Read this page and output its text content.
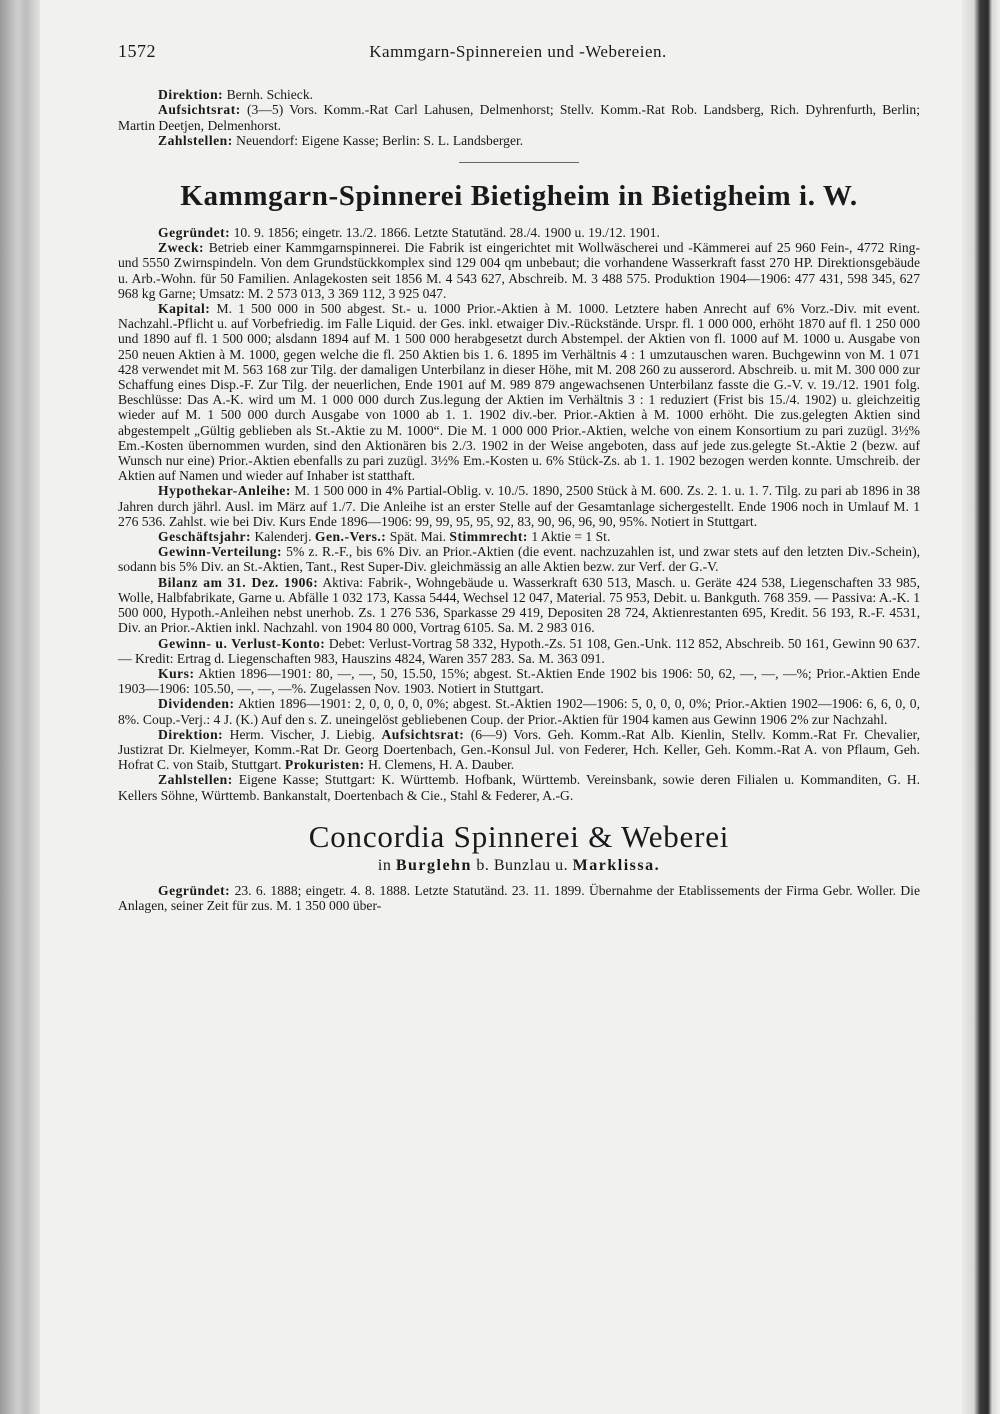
1572	Kammgarn-Spinnereien und -Webereien.

Direktion: Bernh. Schieck.

Aufsichtsrat: (3—5) Vors. Komm.-Rat Carl Lahusen, Delmenhorst; Stellv. Komm.-Rat Rob. Landsberg, Rich. Dyhrenfurth, Berlin; Martin Deetjen, Delmenhorst.

Zahlstellen: Neuendorf: Eigene Kasse; Berlin: S. L. Landsberger.

Kammgarn-Spinnerei Bietigheim in Bietigheim i. W.

Gegründet: 10. 9. 1856; eingetr. 13./2. 1866. Letzte Statutänd. 28./4. 1900 u. 19./12. 1901.

Zweck: Betrieb einer Kammgarnspinnerei. Die Fabrik ist eingerichtet mit Wollwäscherei und -Kämmerei auf 25 960 Fein-, 4772 Ring- und 5550 Zwirnspindeln. Von dem Grundstückkomplex sind 129 004 qm unbebaut; die vorhandene Wasserkraft fasst 270 HP. Direktionsgebäude u. Arb.-Wohn. für 50 Familien. Anlagekosten seit 1856 M. 4 543 627, Abschreib. M. 3 488 575. Produktion 1904—1906: 477 431, 598 345, 627 968 kg Garne; Umsatz: M. 2 573 013, 3 369 112, 3 925 047.

Kapital: M. 1 500 000 in 500 abgest. St.- u. 1000 Prior.-Aktien à M. 1000. Letztere haben Anrecht auf 6% Vorz.-Div. mit event. Nachzahl.-Pflicht u. auf Vorbefriedig. im Falle Liquid. der Ges. inkl. etwaiger Div.-Rückstände. Urspr. fl. 1 000 000, erhöht 1870 auf fl. 1 250 000 und 1890 auf fl. 1 500 000; alsdann 1894 auf M. 1 500 000 herabgesetzt durch Abstempel. der Aktien von fl. 1000 auf M. 1000 u. Ausgabe von 250 neuen Aktien à M. 1000, gegen welche die fl. 250 Aktien bis 1. 6. 1895 im Verhältnis 4 : 1 umzutauschen waren. Buchgewinn von M. 1 071 428 verwendet mit M. 563 168 zur Tilg. der damaligen Unterbilanz in dieser Höhe, mit M. 208 260 zu ausserord. Abschreib. u. mit M. 300 000 zur Schaffung eines Disp.-F. Zur Tilg. der neuerlichen, Ende 1901 auf M. 989 879 angewachsenen Unterbilanz fasste die G.-V. v. 19./12. 1901 folg. Beschlüsse: Das A.-K. wird um M. 1 000 000 durch Zus.legung der Aktien im Verhältnis 3 : 1 reduziert (Frist bis 15./4. 1902) u. gleichzeitig wieder auf M. 1 500 000 durch Ausgabe von 1000 ab 1. 1. 1902 div.-ber. Prior.-Aktien à M. 1000 erhöht. Die zus.gelegten Aktien sind abgestempelt „Gültig geblieben als St.-Aktie zu M. 1000“. Die M. 1 000 000 Prior.-Aktien, welche von einem Konsortium zu pari zuzügl. 3½% Em.-Kosten übernommen wurden, sind den Aktionären bis 2./3. 1902 in der Weise angeboten, dass auf jede zus.gelegte St.-Aktie 2 (bezw. auf Wunsch nur eine) Prior.-Aktien ebenfalls zu pari zuzügl. 3½% Em.-Kosten u. 6% Stück-Zs. ab 1. 1. 1902 bezogen werden konnte. Umschreib. der Aktien auf Namen und wieder auf Inhaber ist statthaft.

Hypothekar-Anleihe: M. 1 500 000 in 4% Partial-Oblig. v. 10./5. 1890, 2500 Stück à M. 600. Zs. 2. 1. u. 1. 7. Tilg. zu pari ab 1896 in 38 Jahren durch jährl. Ausl. im März auf 1./7. Die Anleihe ist an erster Stelle auf der Gesamtanlage sichergestellt. Ende 1906 noch in Umlauf M. 1 276 536. Zahlst. wie bei Div. Kurs Ende 1896—1906: 99, 99, 95, 95, 92, 83, 90, 96, 96, 90, 95%. Notiert in Stuttgart.

Geschäftsjahr: Kalenderj. Gen.-Vers.: Spät. Mai. Stimmrecht: 1 Aktie = 1 St.

Gewinn-Verteilung: 5% z. R.-F., bis 6% Div. an Prior.-Aktien (die event. nachzuzahlen ist, und zwar stets auf den letzten Div.-Schein), sodann bis 5% Div. an St.-Aktien, Tant., Rest Super-Div. gleichmässig an alle Aktien bezw. zur Verf. der G.-V.

Bilanz am 31. Dez. 1906: Aktiva: Fabrik-, Wohngebäude u. Wasserkraft 630 513, Masch. u. Geräte 424 538, Liegenschaften 33 985, Wolle, Halbfabrikate, Garne u. Abfälle 1 032 173, Kassa 5444, Wechsel 12 047, Material. 75 953, Debit. u. Bankguth. 768 359. — Passiva: A.-K. 1 500 000, Hypoth.-Anleihen nebst unerhob. Zs. 1 276 536, Sparkasse 29 419, Depositen 28 724, Aktienrestanten 695, Kredit. 56 193, R.-F. 4531, Div. an Prior.-Aktien inkl. Nachzahl. von 1904 80 000, Vortrag 6105. Sa. M. 2 983 016.

Gewinn- u. Verlust-Konto: Debet: Verlust-Vortrag 58 332, Hypoth.-Zs. 51 108, Gen.-Unk. 112 852, Abschreib. 50 161, Gewinn 90 637. — Kredit: Ertrag d. Liegenschaften 983, Hauszins 4824, Waren 357 283. Sa. M. 363 091.

Kurs: Aktien 1896—1901: 80, —, —, 50, 15.50, 15%; abgest. St.-Aktien Ende 1902 bis 1906: 50, 62, —, —, —%; Prior.-Aktien Ende 1903—1906: 105.50, —, —, —%. Zugelassen Nov. 1903. Notiert in Stuttgart.

Dividenden: Aktien 1896—1901: 2, 0, 0, 0, 0, 0%; abgest. St.-Aktien 1902—1906: 5, 0, 0, 0, 0%; Prior.-Aktien 1902—1906: 6, 6, 0, 0, 8%. Coup.-Verj.: 4 J. (K.) Auf den s. Z. uneingelöst gebliebenen Coup. der Prior.-Aktien für 1904 kamen aus Gewinn 1906 2% zur Nachzahl.

Direktion: Herm. Vischer, J. Liebig. Aufsichtsrat: (6—9) Vors. Geh. Komm.-Rat Alb. Kienlin, Stellv. Komm.-Rat Fr. Chevalier, Justizrat Dr. Kielmeyer, Komm.-Rat Dr. Georg Doertenbach, Gen.-Konsul Jul. von Federer, Hch. Keller, Geh. Komm.-Rat A. von Pflaum, Geh. Hofrat C. von Staib, Stuttgart. Prokuristen: H. Clemens, H. A. Dauber.

Zahlstellen: Eigene Kasse; Stuttgart: K. Württemb. Hofbank, Württemb. Vereinsbank, sowie deren Filialen u. Kommanditen, G. H. Kellers Söhne, Württemb. Bankanstalt, Doertenbach & Cie., Stahl & Federer, A.-G.

Concordia Spinnerei & Weberei
in Burglehn b. Bunzlau u. Marklissa.

Gegründet: 23. 6. 1888; eingetr. 4. 8. 1888. Letzte Statutänd. 23. 11. 1899. Übernahme der Etablissements der Firma Gebr. Woller. Die Anlagen, seiner Zeit für zus. M. 1 350 000 über-
